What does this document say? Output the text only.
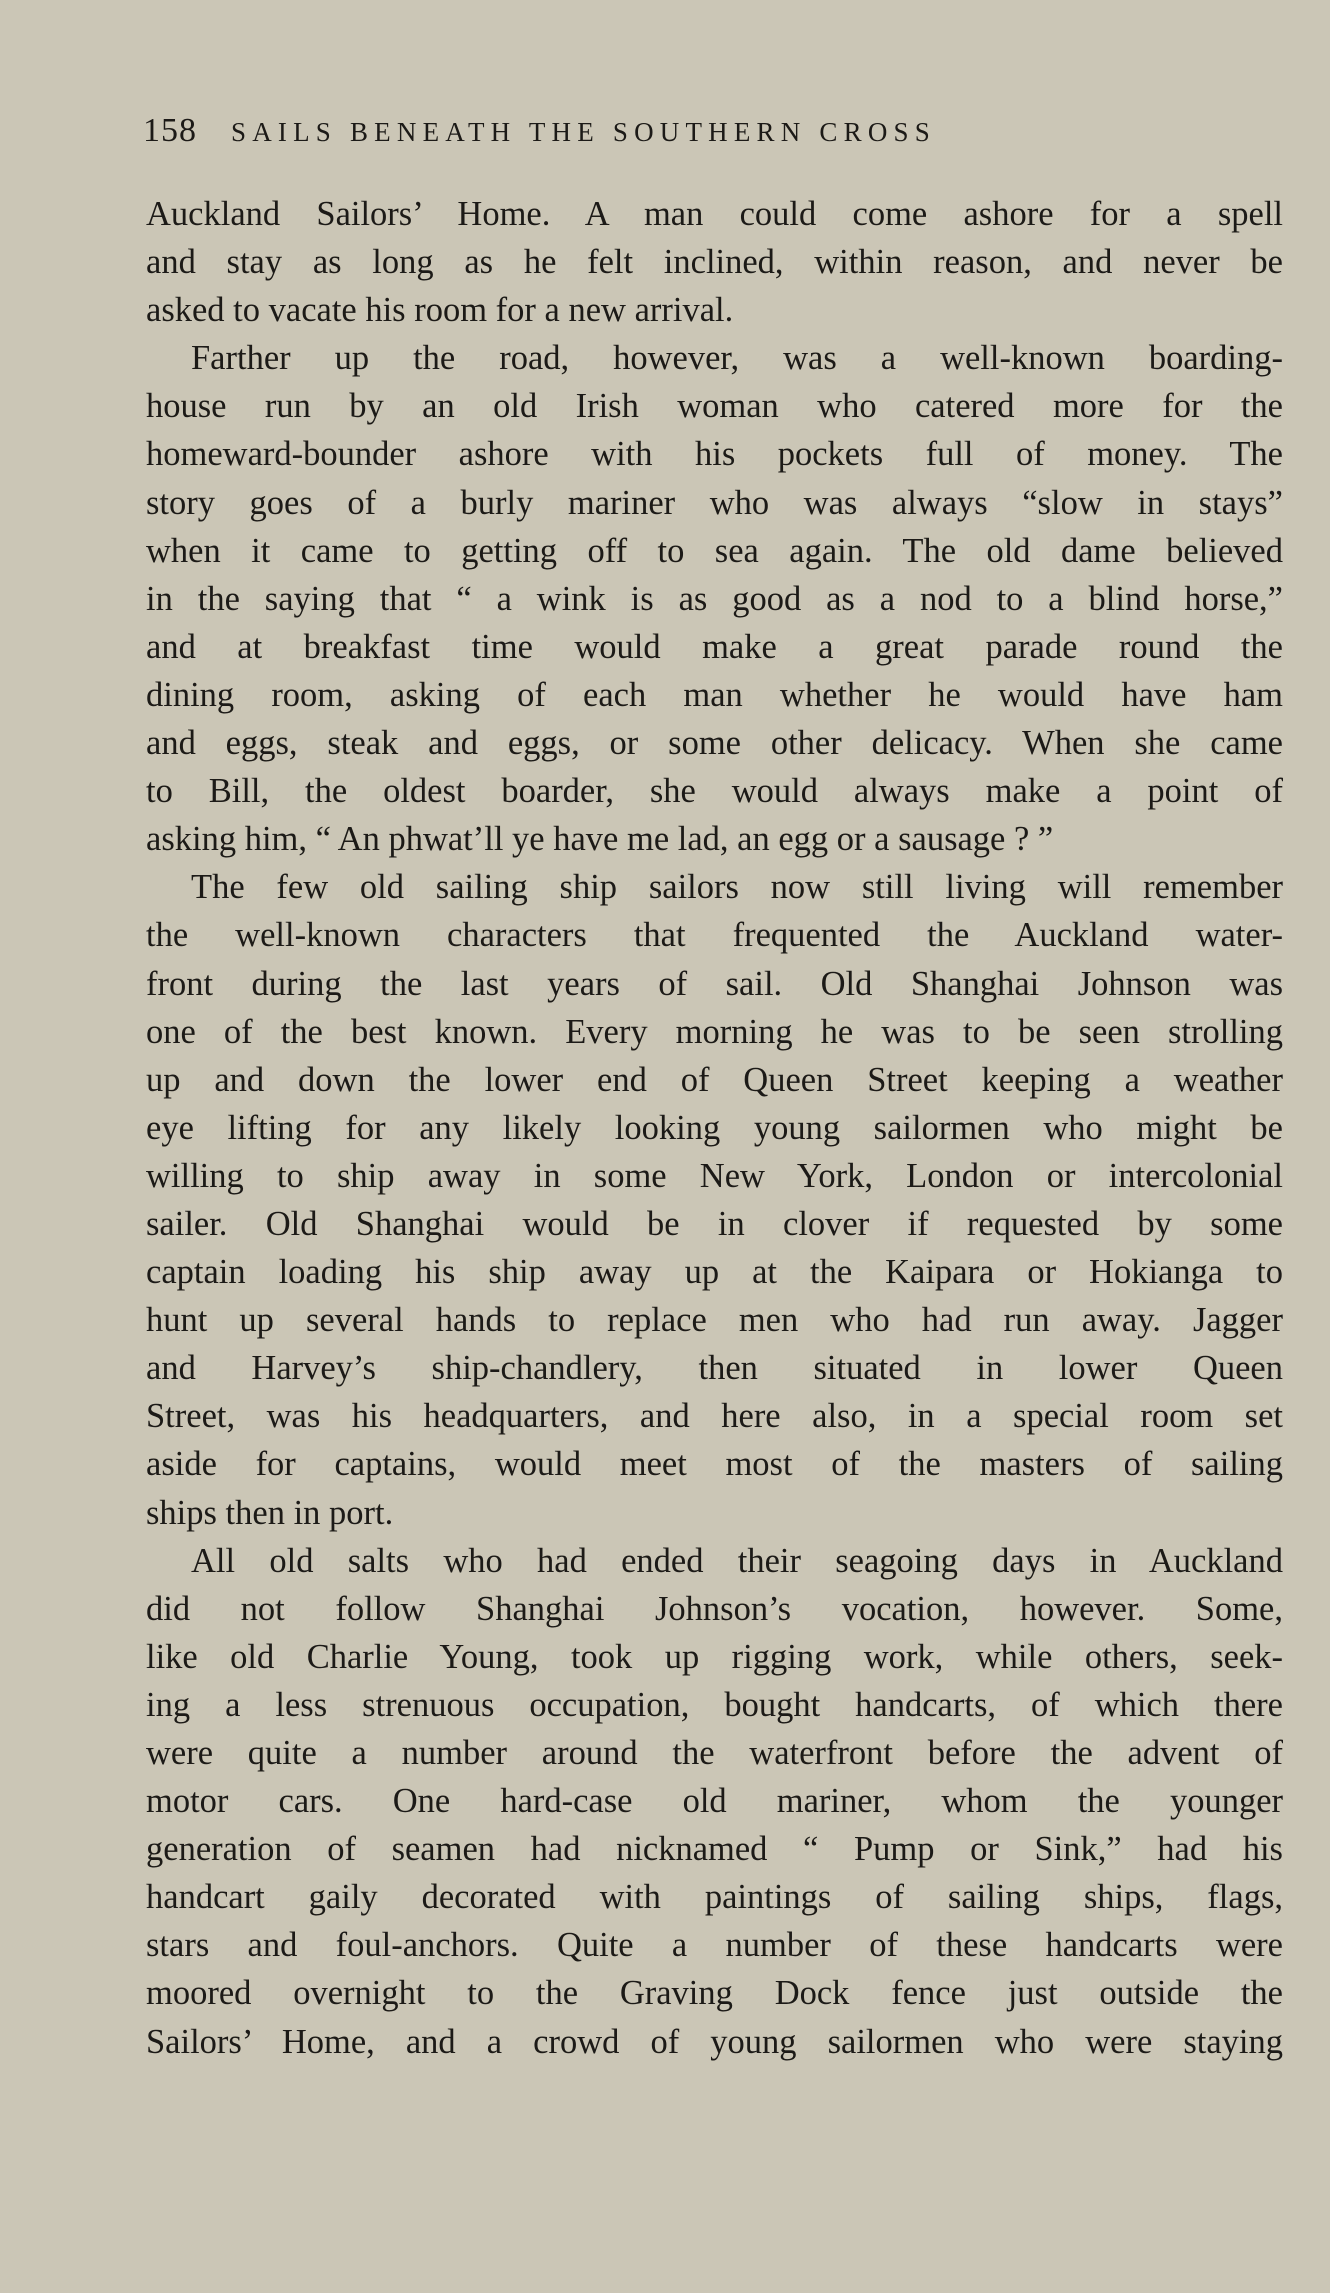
158 SAILS BENEATH THE SOUTHERN CROSS

Auckland Sailors’ Home. A man could come ashore for a spell
and stay as long as he felt inclined, within reason, and never be
asked to vacate his room for a new arrival.

Farther up the road, however, was a well-known boarding-
house run by an old Irish woman who catered more for the
homeward-bounder ashore with his pockets full of money. The
story goes of a burly mariner who was always “slow in stays”
when it came to getting off to sea again. The old dame believed
in the saying that “ a wink is as good as a nod to a blind horse,”
and at breakfast time would make a great parade round the
dining room, asking of each man whether he would have ham
and eggs, steak and eggs, or some other delicacy. When she came
to Bill, the oldest boarder, she would always make a point of
asking him, “ An phwat’ll ye have me lad, an egg or a sausage ? ”

The few old sailing ship sailors now still living will remember
the well-known characters that frequented the Auckland water-
front during the last years of sail. Old Shanghai Johnson was
one of the best known. Every morning he was to be seen strolling
up and down the lower end of Queen Street keeping a weather
eye lifting for any likely looking young sailormen who might be
willing to ship away in some New York, London or intercolonial
sailer. Old Shanghai would be in clover if requested by some
captain loading his ship away up at the Kaipara or Hokianga to
hunt up several hands to replace men who had run away. Jagger
and Harvey’s ship-chandlery, then situated in lower Queen
Street, was his headquarters, and here also, in a special room set
aside for captains, would meet most of the masters of sailing
ships then in port.

All old salts who had ended their seagoing days in Auckland
did not follow Shanghai Johnson’s vocation, however. Some,
like old Charlie Young, took up rigging work, while others, seek-
ing a less strenuous occupation, bought handcarts, of which there
were quite a number around the waterfront before the advent of
motor cars. One hard-case old mariner, whom the younger
generation of seamen had nicknamed “ Pump or Sink,” had his
handcart gaily decorated with paintings of sailing ships, flags,
stars and foul-anchors. Quite a number of these handcarts were
moored overnight to the Graving Dock fence just outside the
Sailors’ Home, and a crowd of young sailormen who were staying
